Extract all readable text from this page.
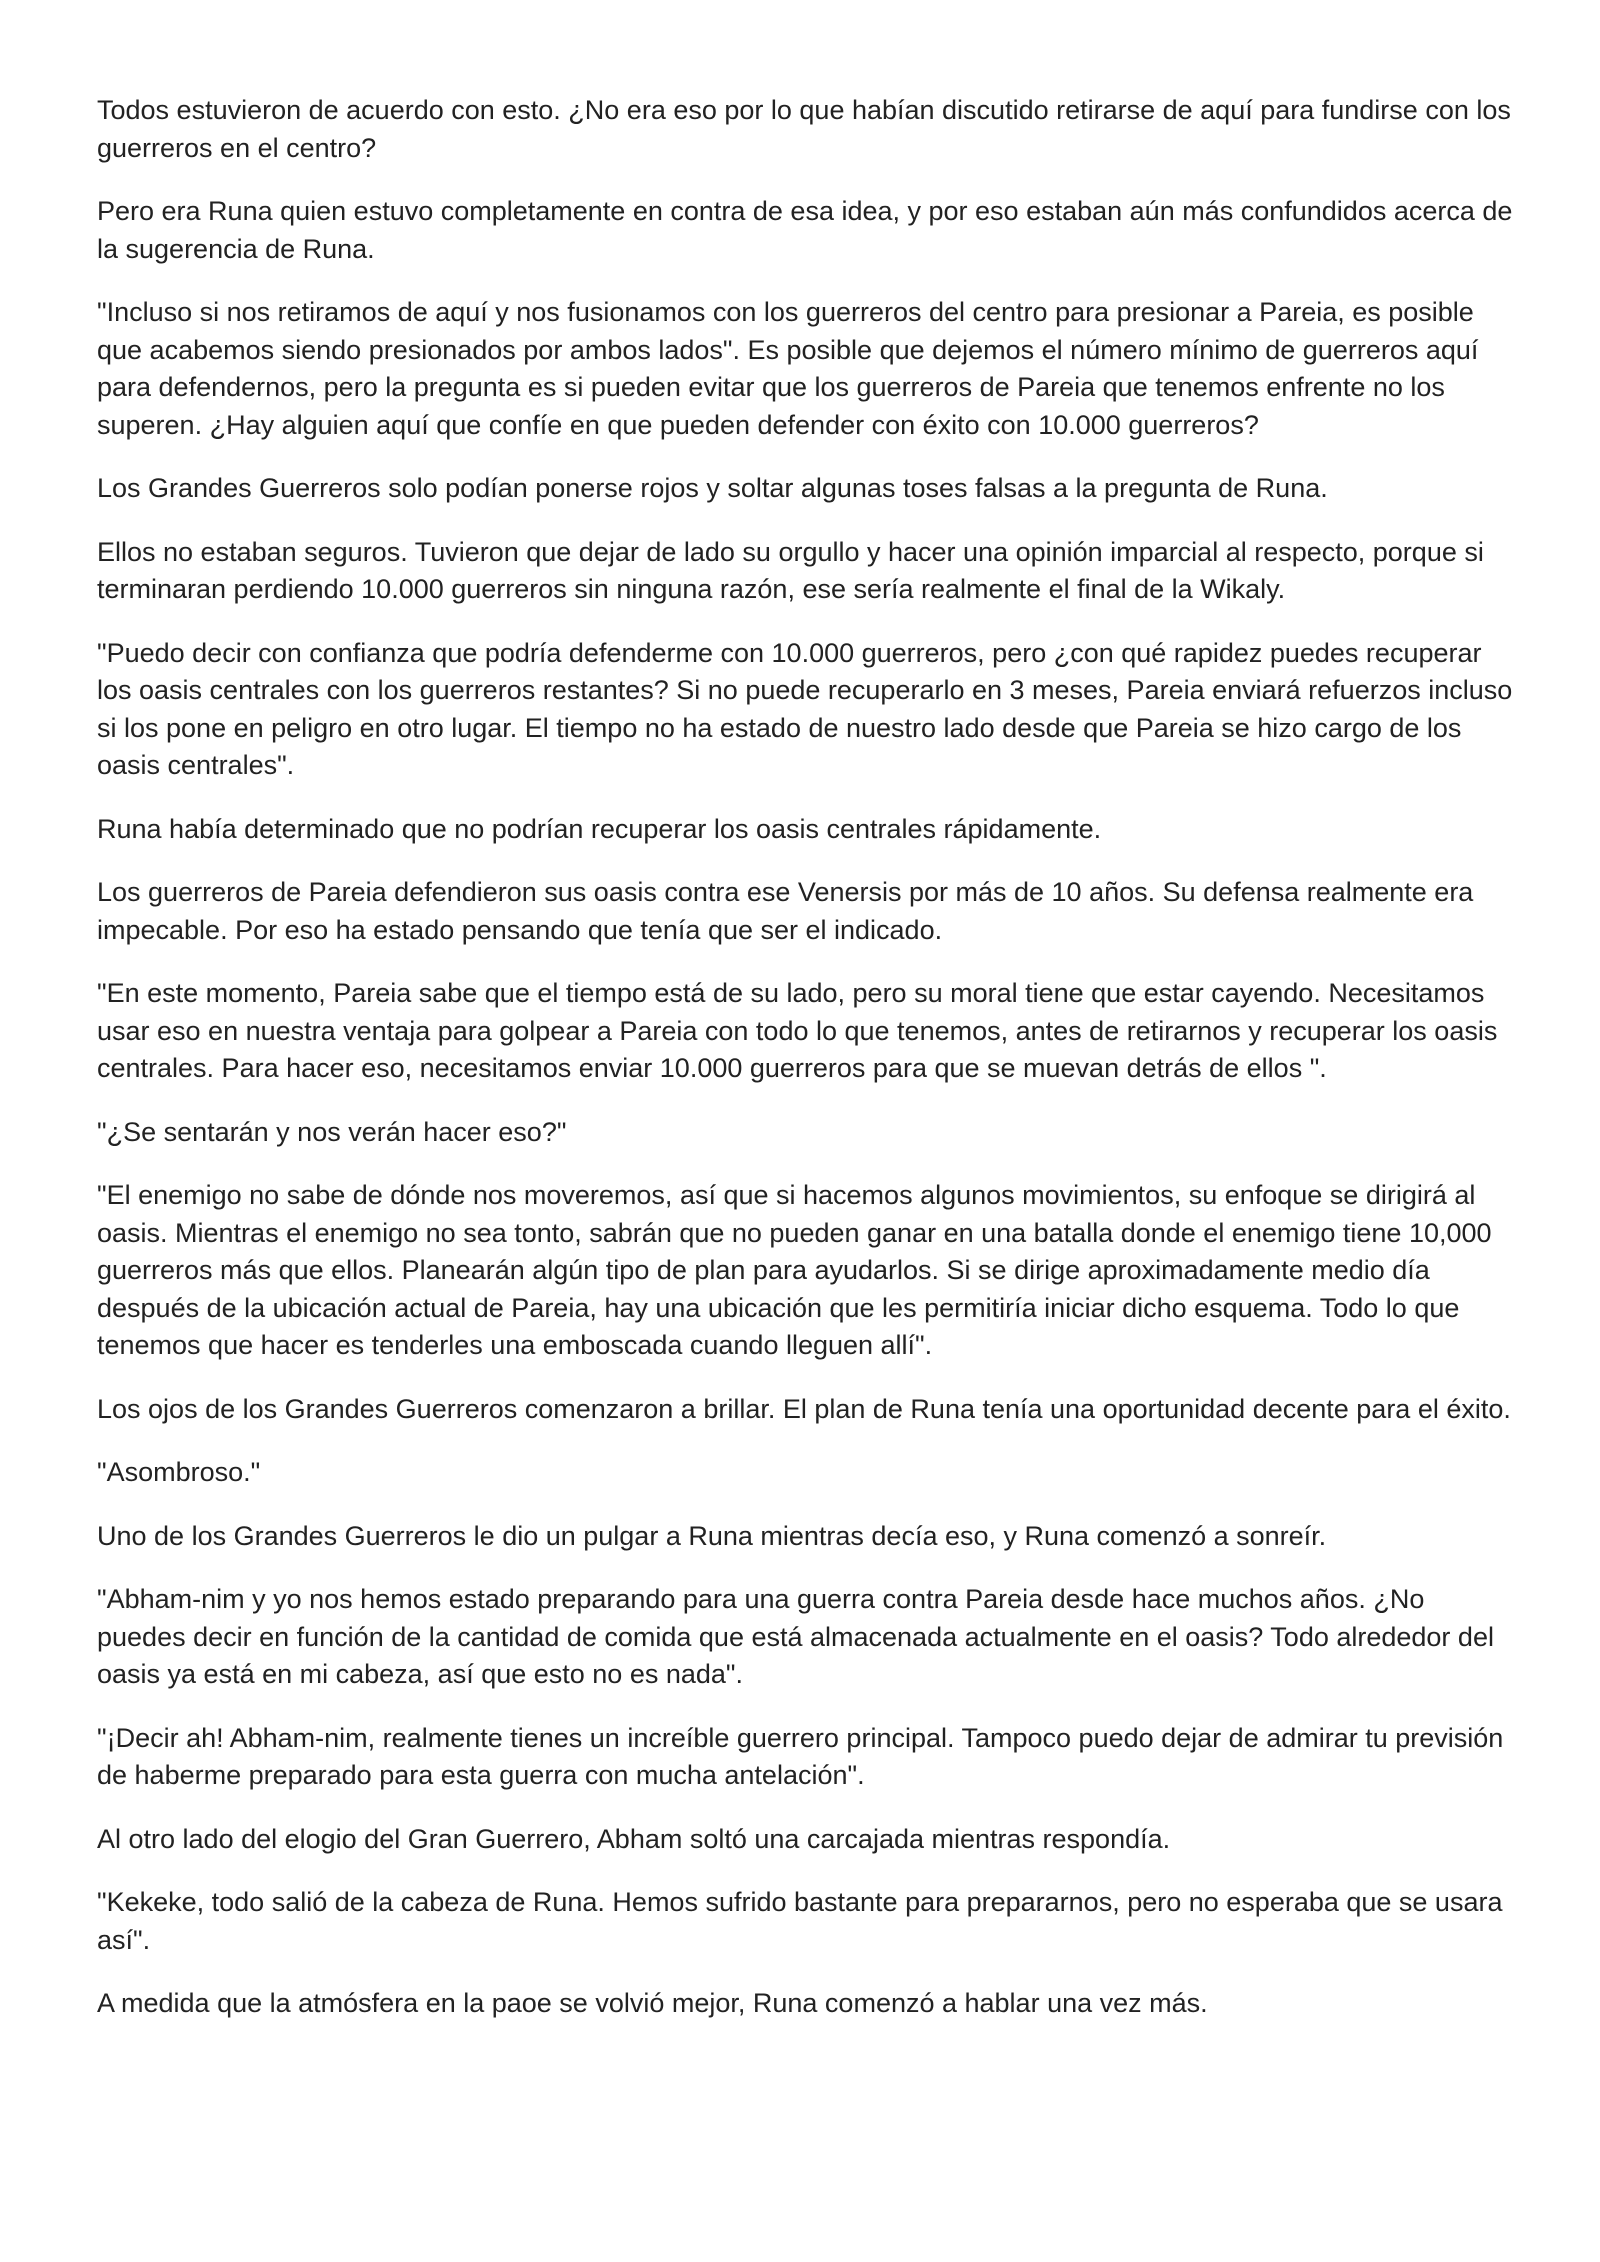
Todos estuvieron de acuerdo con esto. ¿No era eso por lo que habían discutido retirarse de aquí para fundirse con los guerreros en el centro?

Pero era Runa quien estuvo completamente en contra de esa idea, y por eso estaban aún más confundidos acerca de la sugerencia de Runa.

"Incluso si nos retiramos de aquí y nos fusionamos con los guerreros del centro para presionar a Pareia, es posible que acabemos siendo presionados por ambos lados". Es posible que dejemos el número mínimo de guerreros aquí para defendernos, pero la pregunta es si pueden evitar que los guerreros de Pareia que tenemos enfrente no los superen. ¿Hay alguien aquí que confíe en que pueden defender con éxito con 10.000 guerreros?

Los Grandes Guerreros solo podían ponerse rojos y soltar algunas toses falsas a la pregunta de Runa.

Ellos no estaban seguros. Tuvieron que dejar de lado su orgullo y hacer una opinión imparcial al respecto, porque si terminaran perdiendo 10.000 guerreros sin ninguna razón, ese sería realmente el final de la Wikaly.

"Puedo decir con confianza que podría defenderme con 10.000 guerreros, pero ¿con qué rapidez puedes recuperar los oasis centrales con los guerreros restantes? Si no puede recuperarlo en 3 meses, Pareia enviará refuerzos incluso si los pone en peligro en otro lugar. El tiempo no ha estado de nuestro lado desde que Pareia se hizo cargo de los oasis centrales".

Runa había determinado que no podrían recuperar los oasis centrales rápidamente.

Los guerreros de Pareia defendieron sus oasis contra ese Venersis por más de 10 años. Su defensa realmente era impecable. Por eso ha estado pensando que tenía que ser el indicado.

"En este momento, Pareia sabe que el tiempo está de su lado, pero su moral tiene que estar cayendo. Necesitamos usar eso en nuestra ventaja para golpear a Pareia con todo lo que tenemos, antes de retirarnos y recuperar los oasis centrales. Para hacer eso, necesitamos enviar 10.000 guerreros para que se muevan detrás de ellos ".

"¿Se sentarán y nos verán hacer eso?"

"El enemigo no sabe de dónde nos moveremos, así que si hacemos algunos movimientos, su enfoque se dirigirá al oasis. Mientras el enemigo no sea tonto, sabrán que no pueden ganar en una batalla donde el enemigo tiene 10,000 guerreros más que ellos. Planearán algún tipo de plan para ayudarlos. Si se dirige aproximadamente medio día después de la ubicación actual de Pareia, hay una ubicación que les permitiría iniciar dicho esquema. Todo lo que tenemos que hacer es tenderles una emboscada cuando lleguen allí".

Los ojos de los Grandes Guerreros comenzaron a brillar. El plan de Runa tenía una oportunidad decente para el éxito.

"Asombroso."

Uno de los Grandes Guerreros le dio un pulgar a Runa mientras decía eso, y Runa comenzó a sonreír.

"Abham-nim y yo nos hemos estado preparando para una guerra contra Pareia desde hace muchos años. ¿No puedes decir en función de la cantidad de comida que está almacenada actualmente en el oasis? Todo alrededor del oasis ya está en mi cabeza, así que esto no es nada".

"¡Decir ah! Abham-nim, realmente tienes un increíble guerrero principal. Tampoco puedo dejar de admirar tu previsión de haberme preparado para esta guerra con mucha antelación".

Al otro lado del elogio del Gran Guerrero, Abham soltó una carcajada mientras respondía.

"Kekeke, todo salió de la cabeza de Runa. Hemos sufrido bastante para prepararnos, pero no esperaba que se usara así".

A medida que la atmósfera en la paoe se volvió mejor, Runa comenzó a hablar una vez más.
